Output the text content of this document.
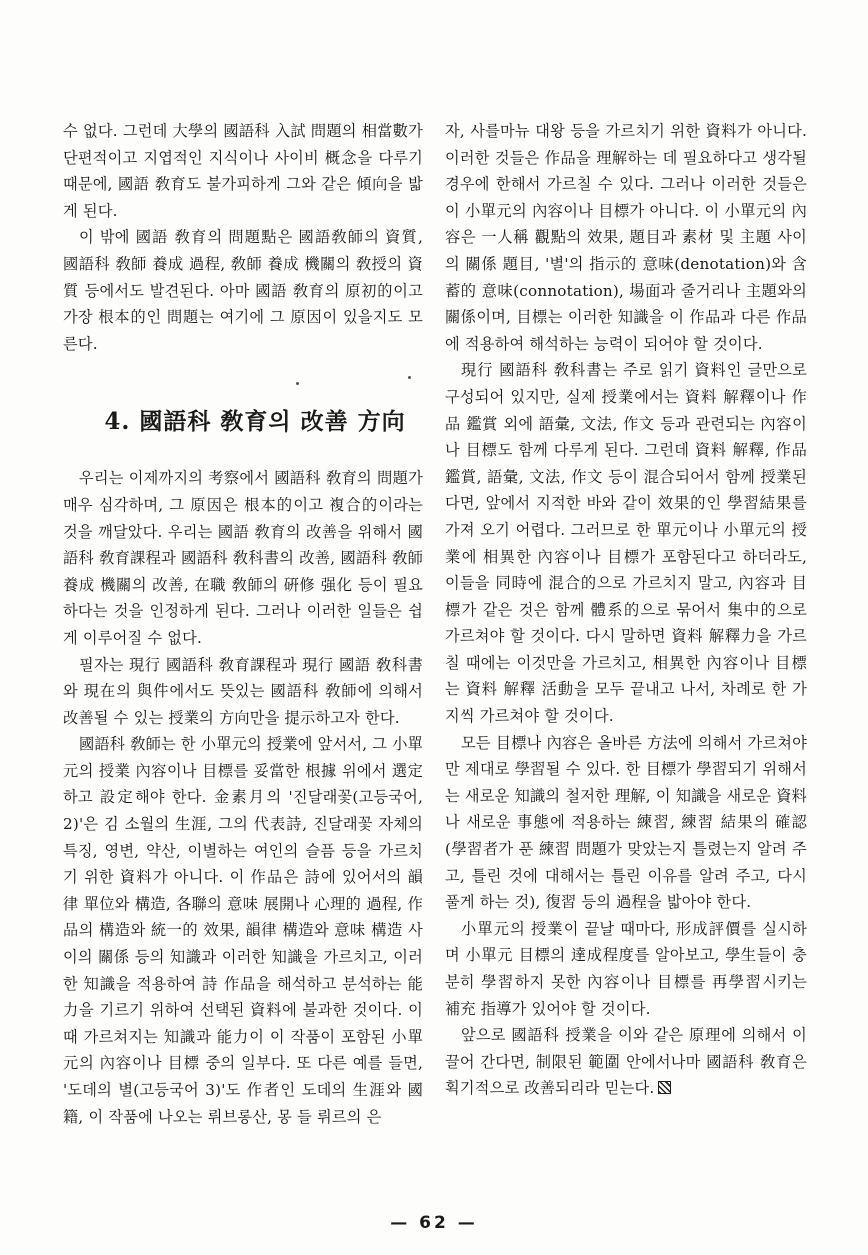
수 없다. 그런데 大學의 國語科 入試 問題의 相當數가 단편적이고 지엽적인 지식이나 사이비 概念을 다루기 때문에, 國語 敎育도 불가피하게 그와 같은 傾向을 밟게 된다.

이 밖에 國語 敎育의 問題點은 國語敎師의 資質, 國語科 敎師 養成 過程, 敎師 養成 機關의 敎授의 資質 등에서도 발견된다. 아마 國語 敎育의 原初的이고 가장 根本的인 問題는 여기에 그 原因이 있을지도 모른다.

4. 國語科 敎育의 改善 方向

우리는 이제까지의 考察에서 國語科 敎育의 問題가 매우 심각하며, 그 原因은 根本的이고 複合的이라는 것을 깨달았다. 우리는 國語 敎育의 改善을 위해서 國語科 敎育課程과 國語科 敎科書의 改善, 國語科 敎師 養成 機關의 改善, 在職 敎師의 硏修 强化 등이 필요하다는 것을 인정하게 된다. 그러나 이러한 일들은 쉽게 이루어질 수 없다.

필자는 現行 國語科 敎育課程과 現行 國語 敎科書와 現在의 與件에서도 뜻있는 國語科 敎師에 의해서 改善될 수 있는 授業의 方向만을 提示하고자 한다.

國語科 敎師는 한 小單元의 授業에 앞서서, 그 小單元의 授業 內容이나 目標를 妥當한 根據 위에서 選定하고 設定해야 한다. 金素月의 '진달래꽃(고등국어, 2)'은 김 소월의 生涯, 그의 代表詩, 진달래꽃 자체의 특징, 영변, 약산, 이별하는 여인의 슬픔 등을 가르치기 위한 資料가 아니다. 이 作品은 詩에 있어서의 韻律 單位와 構造, 各聯의 意味 展開나 心理的 過程, 作品의 構造와 統一的 效果, 韻律 構造와 意味 構造 사이의 關係 등의 知識과 이러한 知識을 가르치고, 이러한 知識을 적용하여 詩 作品을 해석하고 분석하는 能力을 기르기 위하여 선택된 資料에 불과한 것이다. 이 때 가르쳐지는 知識과 能力이 이 작품이 포함된 小單元의 內容이나 目標 중의 일부다. 또 다른 예를 들면, '도데의 별(고등국어 3)'도 作者인 도데의 生涯와 國籍, 이 작품에 나오는 뤼브롱산, 몽 들 뤼르의 은

자, 사를마뉴 대왕 등을 가르치기 위한 資料가 아니다. 이러한 것들은 作品을 理解하는 데 필요하다고 생각될 경우에 한해서 가르칠 수 있다. 그러나 이러한 것들은 이 小單元의 內容이나 目標가 아니다. 이 小單元의 內容은 一人稱 觀點의 效果, 題目과 素材 및 主題 사이의 關係 題目, '별'의 指示的 意味(denotation)와 含蓄的 意味(connotation), 場面과 줄거리나 主題와의 關係이며, 目標는 이러한 知識을 이 作品과 다른 作品에 적용하여 해석하는 능력이 되어야 할 것이다.

現行 國語科 敎科書는 주로 읽기 資料인 글만으로 구성되어 있지만, 실제 授業에서는 資料 解釋이나 作品 鑑賞 외에 語彙, 文法, 作文 등과 관련되는 內容이나 目標도 함께 다루게 된다. 그런데 資料 解釋, 作品 鑑賞, 語彙, 文法, 作文 등이 混合되어서 함께 授業된다면, 앞에서 지적한 바와 같이 效果的인 學習結果를 가져 오기 어렵다. 그러므로 한 單元이나 小單元의 授業에 相異한 內容이나 目標가 포함된다고 하더라도, 이들을 同時에 混合的으로 가르치지 말고, 內容과 目標가 같은 것은 함께 體系的으로 묶어서 集中的으로 가르쳐야 할 것이다. 다시 말하면 資料 解釋力을 가르칠 때에는 이것만을 가르치고, 相異한 內容이나 目標는 資料 解釋 活動을 모두 끝내고 나서, 차례로 한 가지씩 가르쳐야 할 것이다.

모든 目標나 內容은 올바른 方法에 의해서 가르쳐야만 제대로 學習될 수 있다. 한 目標가 學習되기 위해서는 새로운 知識의 철저한 理解, 이 知識을 새로운 資料나 새로운 事態에 적용하는 練習, 練習 結果의 確認(學習者가 푼 練習 問題가 맞았는지 틀렸는지 알려 주고, 틀린 것에 대해서는 틀린 이유를 알려 주고, 다시 풀게 하는 것), 復習 등의 過程을 밟아야 한다.

小單元의 授業이 끝날 때마다, 形成評價를 실시하며 小單元 目標의 達成程度를 알아보고, 學生들이 충분히 學習하지 못한 內容이나 目標를 再學習시키는 補充 指導가 있어야 할 것이다.

앞으로 國語科 授業을 이와 같은 原理에 의해서 이끌어 간다면, 制限된 範圍 안에서나마 國語科 敎育은 획기적으로 改善되리라 믿는다.

— 62 —
